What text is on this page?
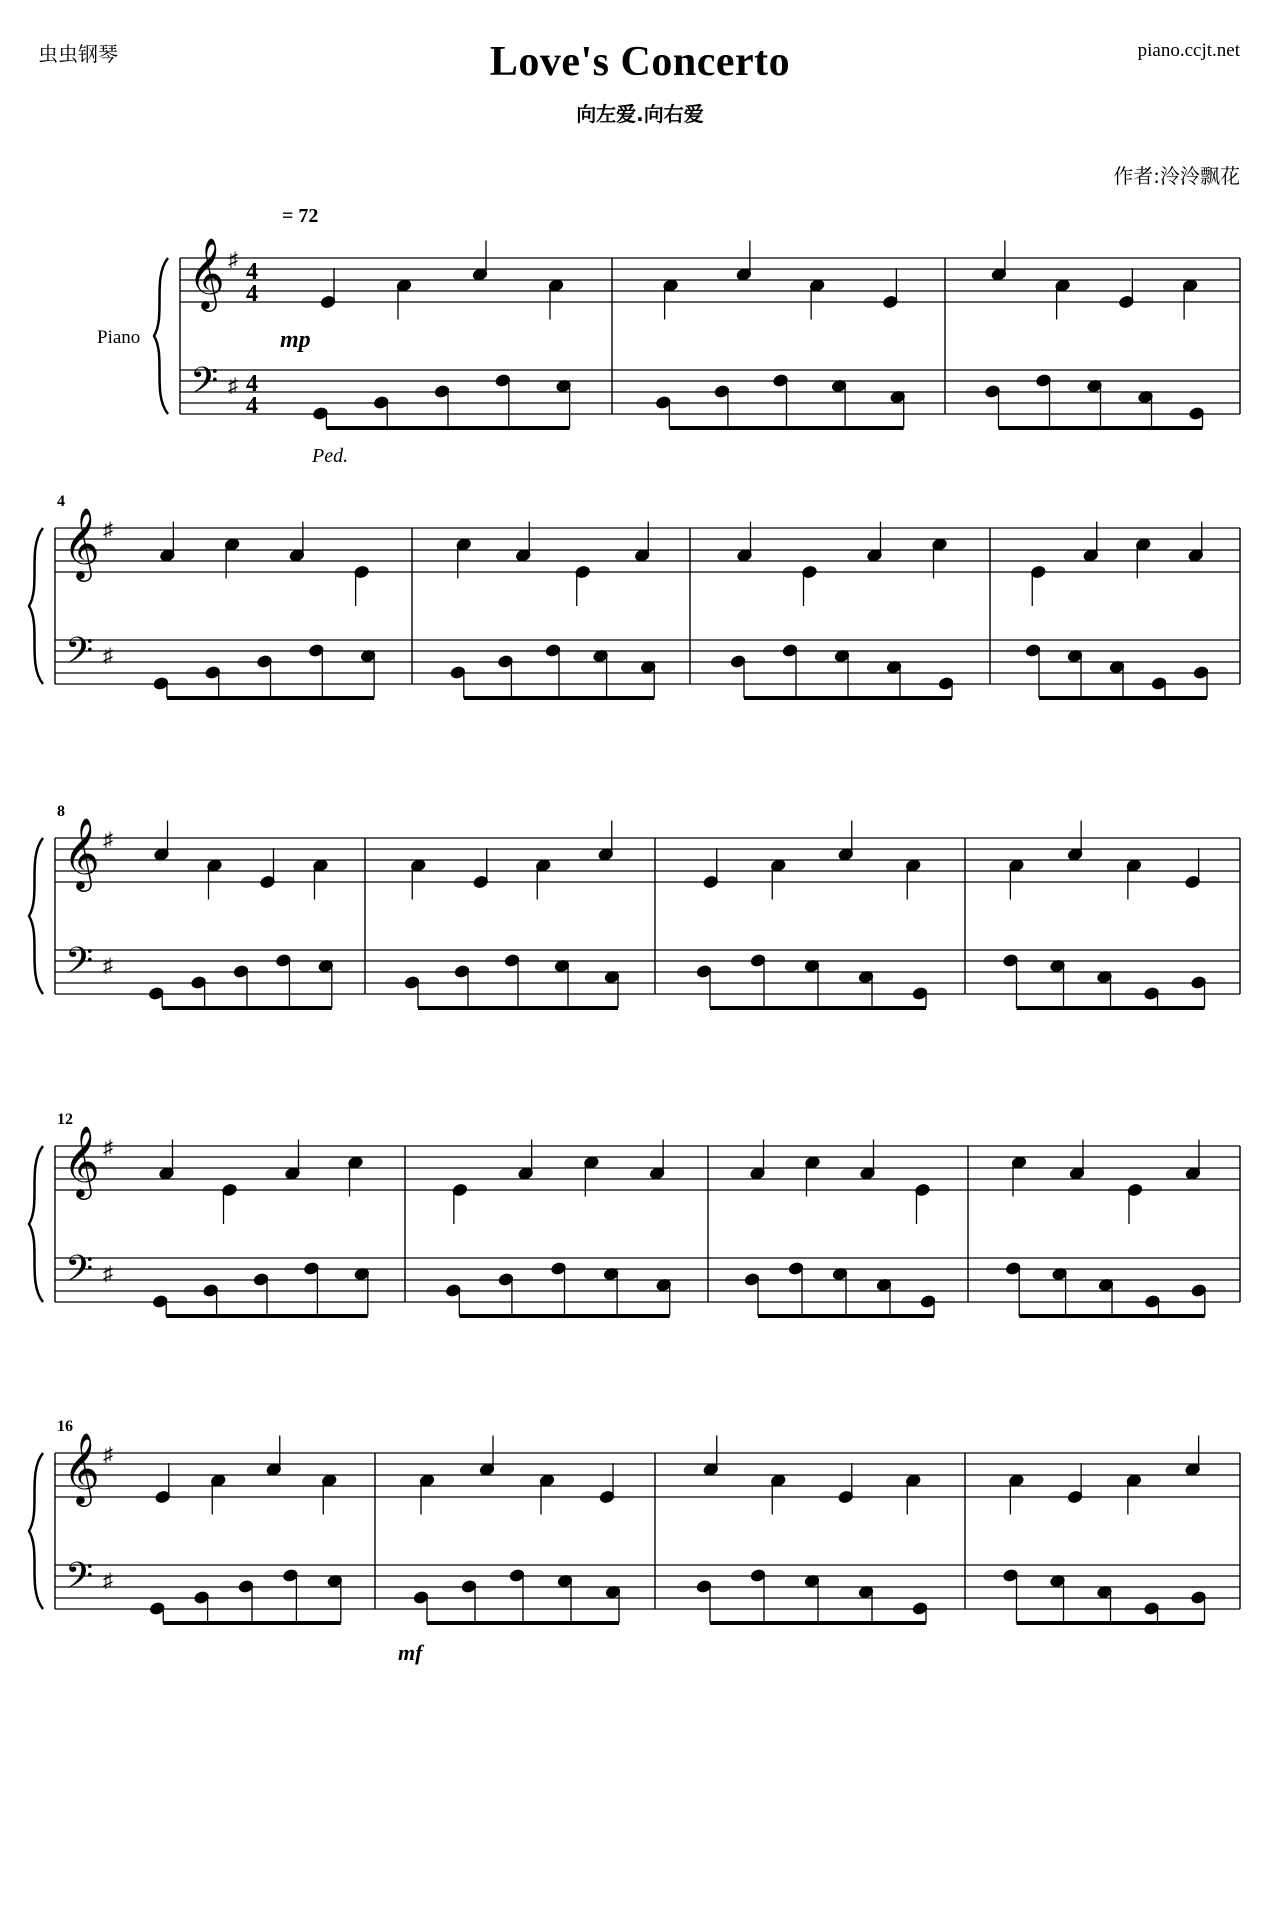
虫虫钢琴	Love's Concerto	piano.ccjt.net
向左爱.向右爱
作者:泠泠飘花
= 72
Piano	mp
mf
Ped.
𝄞
𝄢
♯
♯
4
4
4
4
𝄞
𝄢
♯
♯
4
𝄞
𝄢
♯
♯
8
𝄞
𝄢
♯
♯
12
𝄞
𝄢
♯
♯
16
